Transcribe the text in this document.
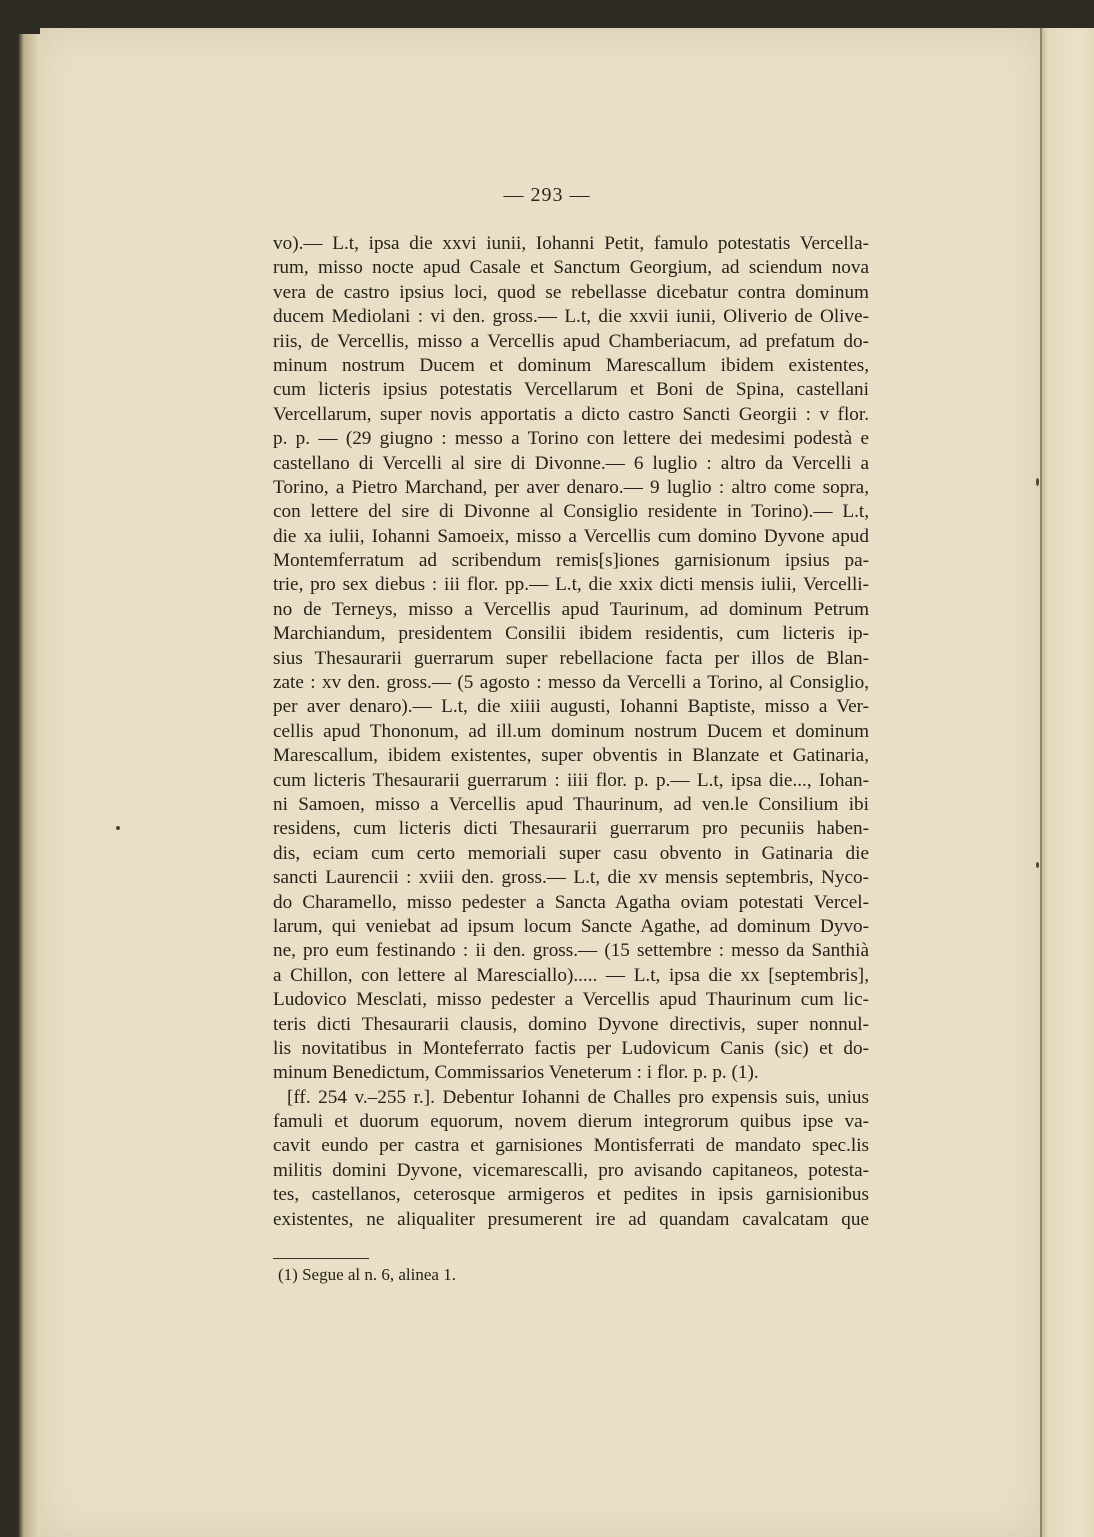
— 293 —
vo).— L.t, ipsa die xxvi iunii, Iohanni Petit, famulo potestatis Vercella-
rum, misso nocte apud Casale et Sanctum Georgium, ad sciendum nova
vera de castro ipsius loci, quod se rebellasse dicebatur contra dominum
ducem Mediolani : vi den. gross.— L.t, die xxvii iunii, Oliverio de Olive-
riis, de Vercellis, misso a Vercellis apud Chamberiacum, ad prefatum do-
minum nostrum Ducem et dominum Marescallum ibidem existentes,
cum licteris ipsius potestatis Vercellarum et Boni de Spina, castellani
Vercellarum, super novis apportatis a dicto castro Sancti Georgii : v flor.
p. p. — (29 giugno : messo a Torino con lettere dei medesimi podestà e
castellano di Vercelli al sire di Divonne.— 6 luglio : altro da Vercelli a
Torino, a Pietro Marchand, per aver denaro.— 9 luglio : altro come sopra,
con lettere del sire di Divonne al Consiglio residente in Torino).— L.t,
die xa iulii, Iohanni Samoeix, misso a Vercellis cum domino Dyvone apud
Montemferratum ad scribendum remis[s]iones garnisionum ipsius pa-
trie, pro sex diebus : iii flor. pp.— L.t, die xxix dicti mensis iulii, Vercelli-
no de Terneys, misso a Vercellis apud Taurinum, ad dominum Petrum
Marchiandum, presidentem Consilii ibidem residentis, cum licteris ip-
sius Thesaurarii guerrarum super rebellacione facta per illos de Blan-
zate : xv den. gross.— (5 agosto : messo da Vercelli a Torino, al Consiglio,
per aver denaro).— L.t, die xiiii augusti, Iohanni Baptiste, misso a Ver-
cellis apud Thononum, ad ill.um dominum nostrum Ducem et dominum
Marescallum, ibidem existentes, super obventis in Blanzate et Gatinaria,
cum licteris Thesaurarii guerrarum : iiii flor. p. p.— L.t, ipsa die..., Iohan-
ni Samoen, misso a Vercellis apud Thaurinum, ad ven.le Consilium ibi
residens, cum licteris dicti Thesaurarii guerrarum pro pecuniis haben-
dis, eciam cum certo memoriali super casu obvento in Gatinaria die
sancti Laurencii : xviii den. gross.— L.t, die xv mensis septembris, Nyco-
do Charamello, misso pedester a Sancta Agatha oviam potestati Vercel-
larum, qui veniebat ad ipsum locum Sancte Agathe, ad dominum Dyvo-
ne, pro eum festinando : ii den. gross.— (15 settembre : messo da Santhià
a Chillon, con lettere al Maresciallo)..... — L.t, ipsa die xx [septembris],
Ludovico Mesclati, misso pedester a Vercellis apud Thaurinum cum lic-
teris dicti Thesaurarii clausis, domino Dyvone directivis, super nonnul-
lis novitatibus in Monteferrato factis per Ludovicum Canis (sic) et do-
minum Benedictum, Commissarios Veneterum : i flor. p. p. (1).
[ff. 254 v.–255 r.]. Debentur Iohanni de Challes pro expensis suis, unius
famuli et duorum equorum, novem dierum integrorum quibus ipse va-
cavit eundo per castra et garnisiones Montisferrati de mandato spec.lis
militis domini Dyvone, vicemarescalli, pro avisando capitaneos, potesta-
tes, castellanos, ceterosque armigeros et pedites in ipsis garnisionibus
existentes, ne aliqualiter presumerent ire ad quandam cavalcatam que
(1) Segue al n. 6, alinea 1.
